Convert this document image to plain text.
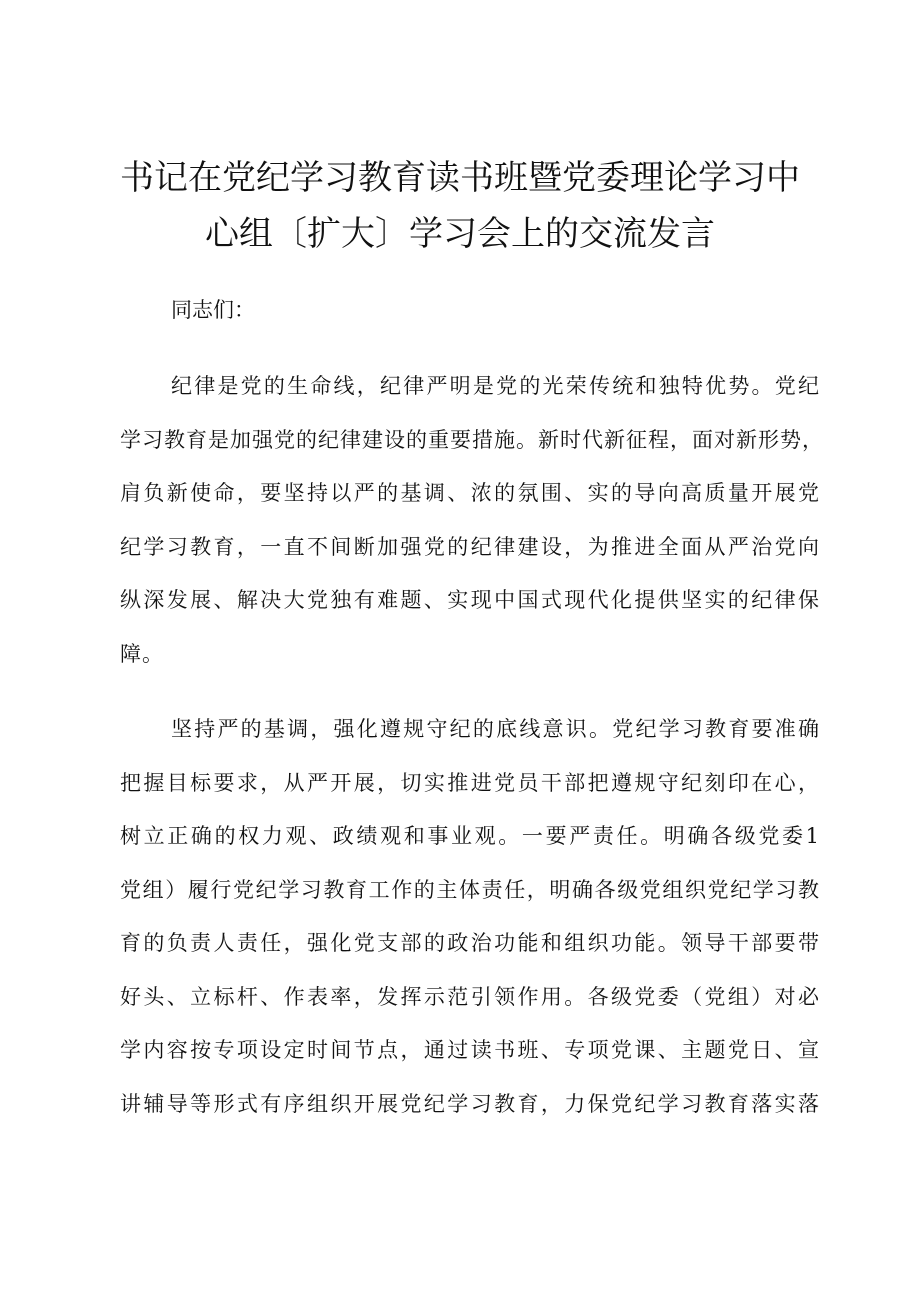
书记在党纪学习教育读书班暨党委理论学习中
心组〔扩大〕学习会上的交流发言

同志们：

纪律是党的生命线，纪律严明是党的光荣传统和独特优势。党纪
学习教育是加强党的纪律建设的重要措施。新时代新征程，面对新形势，
肩负新使命，要坚持以严的基调、浓的氛围、实的导向高质量开展党
纪学习教育，一直不间断加强党的纪律建设，为推进全面从严治党向
纵深发展、解决大党独有难题、实现中国式现代化提供坚实的纪律保
障。

坚持严的基调，强化遵规守纪的底线意识。党纪学习教育要准确
把握目标要求，从严开展，切实推进党员干部把遵规守纪刻印在心，
树立正确的权力观、政绩观和事业观。一要严责任。明确各级党委1
党组）履行党纪学习教育工作的主体责任，明确各级党组织党纪学习教
育的负责人责任，强化党支部的政治功能和组织功能。领导干部要带
好头、立标杆、作表率，发挥示范引领作用。各级党委（党组）对必
学内容按专项设定时间节点，通过读书班、专项党课、主题党日、宣
讲辅导等形式有序组织开展党纪学习教育，力保党纪学习教育落实落
